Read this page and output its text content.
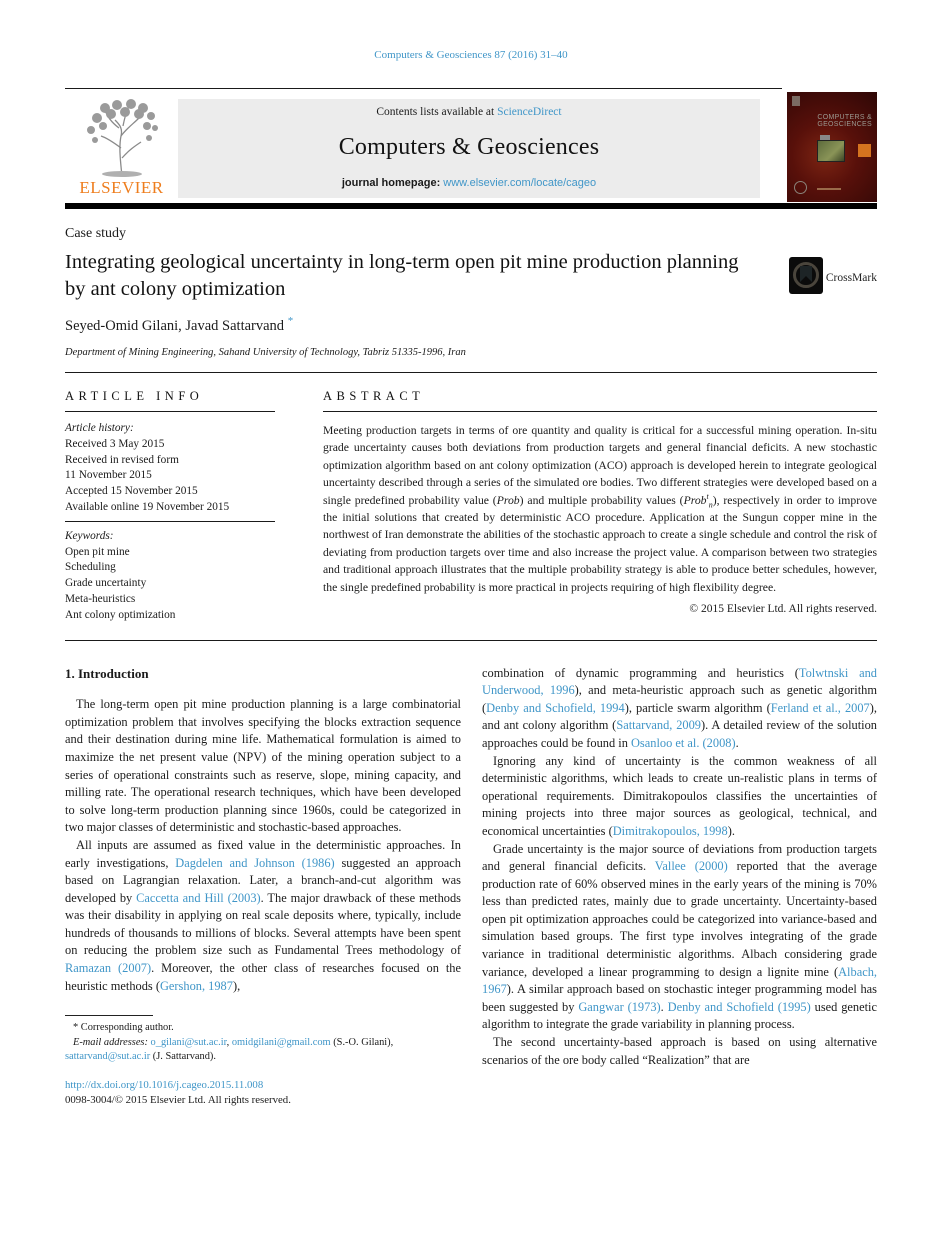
Computers & Geosciences 87 (2016) 31–40
ELSEVIER
Contents lists available at ScienceDirect
Computers & Geosciences
journal homepage: www.elsevier.com/locate/cageo
COMPUTERS &
GEOSCIENCES
Case study
Integrating geological uncertainty in long-term open pit mine production planning by ant colony optimization	CrossMark
Seyed-Omid Gilani, Javad Sattarvand *
Department of Mining Engineering, Sahand University of Technology, Tabriz 51335-1996, Iran
ARTICLE INFO
Article history:
Received 3 May 2015
Received in revised form
11 November 2015
Accepted 15 November 2015
Available online 19 November 2015
Keywords:
Open pit mine
Scheduling
Grade uncertainty
Meta-heuristics
Ant colony optimization
ABSTRACT
Meeting production targets in terms of ore quantity and quality is critical for a successful mining operation. In-situ grade uncertainty causes both deviations from production targets and general financial deficits. A new stochastic optimization algorithm based on ant colony optimization (ACO) approach is developed herein to integrate geological uncertainty described through a series of the simulated ore bodies. Two different strategies were developed based on a single predefined probability value (Prob) and multiple probability values (Prob$^t_n$), respectively in order to improve the initial solutions that created by deterministic ACO procedure. Application at the Sungun copper mine in the northwest of Iran demonstrate the abilities of the stochastic approach to create a single schedule and control the risk of deviating from production targets over time and also increase the project value. A comparison between two strategies and traditional approach illustrates that the multiple probability strategy is able to produce better schedules, however, the single predefined probability is more practical in projects requiring of high flexibility degree.
© 2015 Elsevier Ltd. All rights reserved.
1. Introduction

The long-term open pit mine production planning is a large combinatorial optimization problem that involves specifying the blocks extraction sequence and their destination during mine life. Mathematical formulation is aimed to maximize the net present value (NPV) of the mining operation subject to a series of operational constraints such as reserve, slope, mining capacity, and milling rate. The operational research techniques, which have been developed to solve long-term production planning since 1960s, could be categorized in two major classes of deterministic and stochastic-based approaches.

All inputs are assumed as fixed value in the deterministic approaches. In early investigations, Dagdelen and Johnson (1986) suggested an approach based on Lagrangian relaxation. Later, a branch-and-cut algorithm was developed by Caccetta and Hill (2003). The major drawback of these methods was their disability in applying on real scale deposits where, typically, include hundreds of thousands to millions of blocks. Several attempts have been spent on reducing the problem size such as Fundamental Trees methodology of Ramazan (2007). Moreover, the other class of researches focused on the heuristic methods (Gershon, 1987),

* Corresponding author.
E-mail addresses: o_gilani@sut.ac.ir, omidgilani@gmail.com (S.-O. Gilani), sattarvand@sut.ac.ir (J. Sattarvand).
http://dx.doi.org/10.1016/j.cageo.2015.11.008
0098-3004/© 2015 Elsevier Ltd. All rights reserved.

combination of dynamic programming and heuristics (Tolwtnski and Underwood, 1996), and meta-heuristic approach such as genetic algorithm (Denby and Schofield, 1994), particle swarm algorithm (Ferland et al., 2007), and ant colony algorithm (Sattarvand, 2009). A detailed review of the solution approaches could be found in Osanloo et al. (2008).

Ignoring any kind of uncertainty is the common weakness of all deterministic algorithms, which leads to create un-realistic plans in terms of operational requirements. Dimitrakopoulos classifies the uncertainties of mining projects into three major sources as geological, technical, and economical uncertainties (Dimitrakopoulos, 1998).

Grade uncertainty is the major source of deviations from production targets and general financial deficits. Vallee (2000) reported that the average production rate of 60% observed mines in the early years of the mining is 70% less than predicted rates, mainly due to grade uncertainty. Uncertainty-based open pit optimization approaches could be categorized into variance-based and simulation based groups. The first type involves integrating of the grade variance in traditional deterministic algorithms. Albach considering grade variance, developed a linear programming to design a lignite mine (Albach, 1967). A similar approach based on stochastic integer programming model has been suggested by Gangwar (1973). Denby and Schofield (1995) used genetic algorithm to integrate the grade variability in planning process.

The second uncertainty-based approach is based on using alternative scenarios of the ore body called “Realization” that are
